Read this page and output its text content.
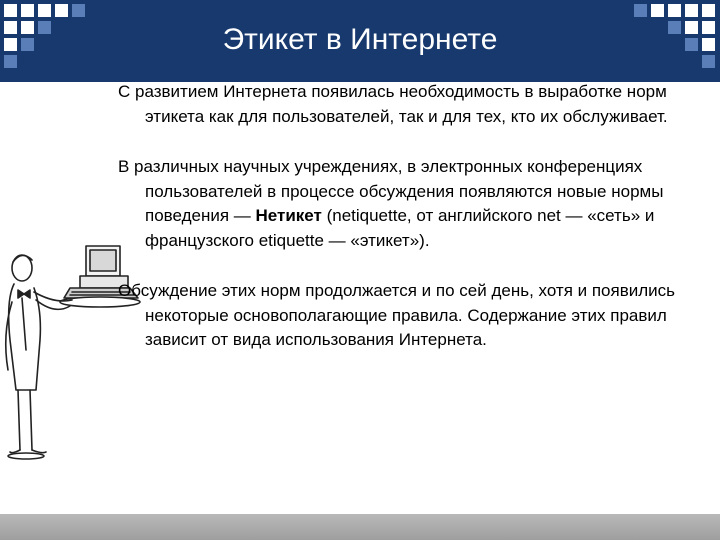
Этикет в Интернете

С развитием Интернета появилась необходимость в выработке норм этикета как для пользователей, так и для тех, кто их обслуживает.

В различных научных учреждениях, в электронных конференциях пользователей в процессе обсуждения появляются новые нормы поведения — Нетикет (netiquette, от английского net — «сеть» и французского etiquette — «этикет»).

Обсуждение этих норм продолжается и по сей день, хотя и появились некоторые основополагающие правила. Содержание этих правил зависит от вида использования Интернета.
